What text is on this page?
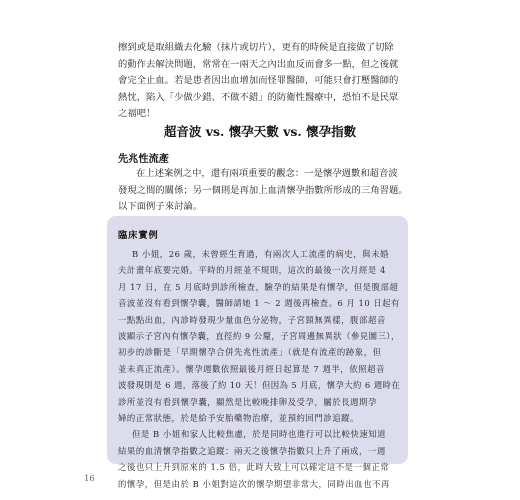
擦到或是取組織去化驗（抹片或切片），更有的時候是直接做了切除
的動作去解決問題，常常在一兩天之內出血反而會多一點，但之後就
會完全止血。若是患者因出血增加而怪罪醫師，可能只會打壓醫師的
熱忱，陷入「少做少錯、不做不錯」的防衛性醫療中，恐怕不是民眾
之福吧！

超音波 vs. 懷孕天數 vs. 懷孕指數
先兆性流產

在上述案例之中，還有兩項重要的觀念：一是懷孕週數和超音波
發現之間的關係；另一個則是再加上血清懷孕指數所形成的三角習題。
以下面例子來討論。

臨床實例

B 小姐，26 歲，未曾經生育過，有兩次人工流產的病史，與未婚
夫計畫年底要完婚。平時的月經並不規則，這次的最後一次月經是 4
月 17 日，在 5 月底時到診所檢查，驗孕的結果是有懷孕，但是腹部超
音波並沒有看到懷孕囊，醫師請她 1 ～ 2 週後再檢查。6 月 10 日起有
一點點出血，內診時發現少量血色分泌物，子宮頸無異樣，腹部超音
波顯示子宮內有懷孕囊，直徑約 9 公釐，子宮周邊無異狀（參見圖三），
初步的診斷是「早期懷孕合併先兆性流產」（就是有流產的跡象，但
並未真正流產）。懷孕週數依照最後月經日起算是 7 週半，依照超音
波發現則是 6 週，落後了約 10 天！但因為 5 月底，懷孕大約 6 週時在
診所並沒有看到懷孕囊，顯然是比較晚排卵及受孕，屬於長週期孕
婦的正常狀態，於是給予安胎藥物治療，並預約回門診追蹤。
但是 B 小姐和家人比較焦慮，於是同時也進行可以比較快速知道
結果的血清懷孕指數之追蹤：兩天之後懷孕指數只上升了兩成，一週
之後也只上升到原來的 1.5 倍，此時大致上可以確定這不是一個正常
的懷孕，但是由於 B 小姐對這次的懷孕期望非常大，同時出血也不再

16
